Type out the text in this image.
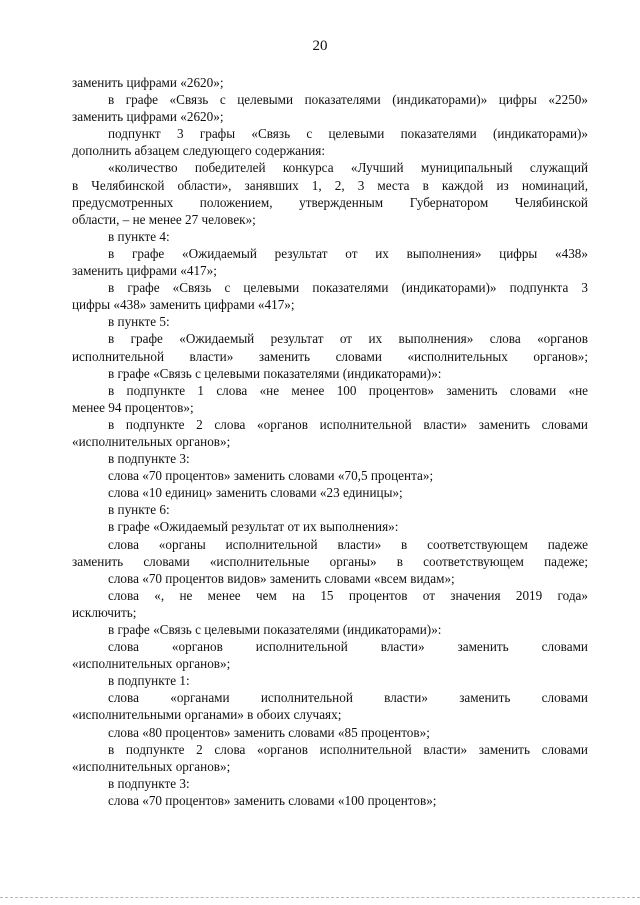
20
заменить цифрами «2620»;
в графе «Связь с целевыми показателями (индикаторами)» цифры «2250»
заменить цифрами «2620»;
подпункт 3 графы «Связь с целевыми показателями (индикаторами)»
дополнить абзацем следующего содержания:
«количество победителей конкурса «Лучший муниципальный служащий
в Челябинской области», занявших 1, 2, 3 места в каждой из номинаций,
предусмотренных положением, утвержденным Губернатором Челябинской
области, – не менее 27 человек»;
в пункте 4:
в графе «Ожидаемый результат от их выполнения» цифры «438»
заменить цифрами «417»;
в графе «Связь с целевыми показателями (индикаторами)» подпункта 3
цифры «438» заменить цифрами «417»;
в пункте 5:
в графе «Ожидаемый результат от их выполнения» слова «органов
исполнительной власти» заменить словами «исполнительных органов»;
в графе «Связь с целевыми показателями (индикаторами)»:
в подпункте 1 слова «не менее 100 процентов» заменить словами «не
менее 94 процентов»;
в подпункте 2 слова «органов исполнительной власти» заменить словами
«исполнительных органов»;
в подпункте 3:
слова «70 процентов» заменить словами «70,5 процента»;
слова «10 единиц» заменить словами «23 единицы»;
в пункте 6:
в графе «Ожидаемый результат от их выполнения»:
слова «органы исполнительной власти» в соответствующем падеже
заменить словами «исполнительные органы» в соответствующем падеже;
слова «70 процентов видов» заменить словами «всем видам»;
слова «, не менее чем на 15 процентов от значения 2019 года»
исключить;
в графе «Связь с целевыми показателями (индикаторами)»:
слова «органов исполнительной власти» заменить словами
«исполнительных органов»;
в подпункте 1:
слова «органами исполнительной власти» заменить словами
«исполнительными органами» в обоих случаях;
слова «80 процентов» заменить словами «85 процентов»;
в подпункте 2 слова «органов исполнительной власти» заменить словами
«исполнительных органов»;
в подпункте 3:
слова «70 процентов» заменить словами «100 процентов»;
